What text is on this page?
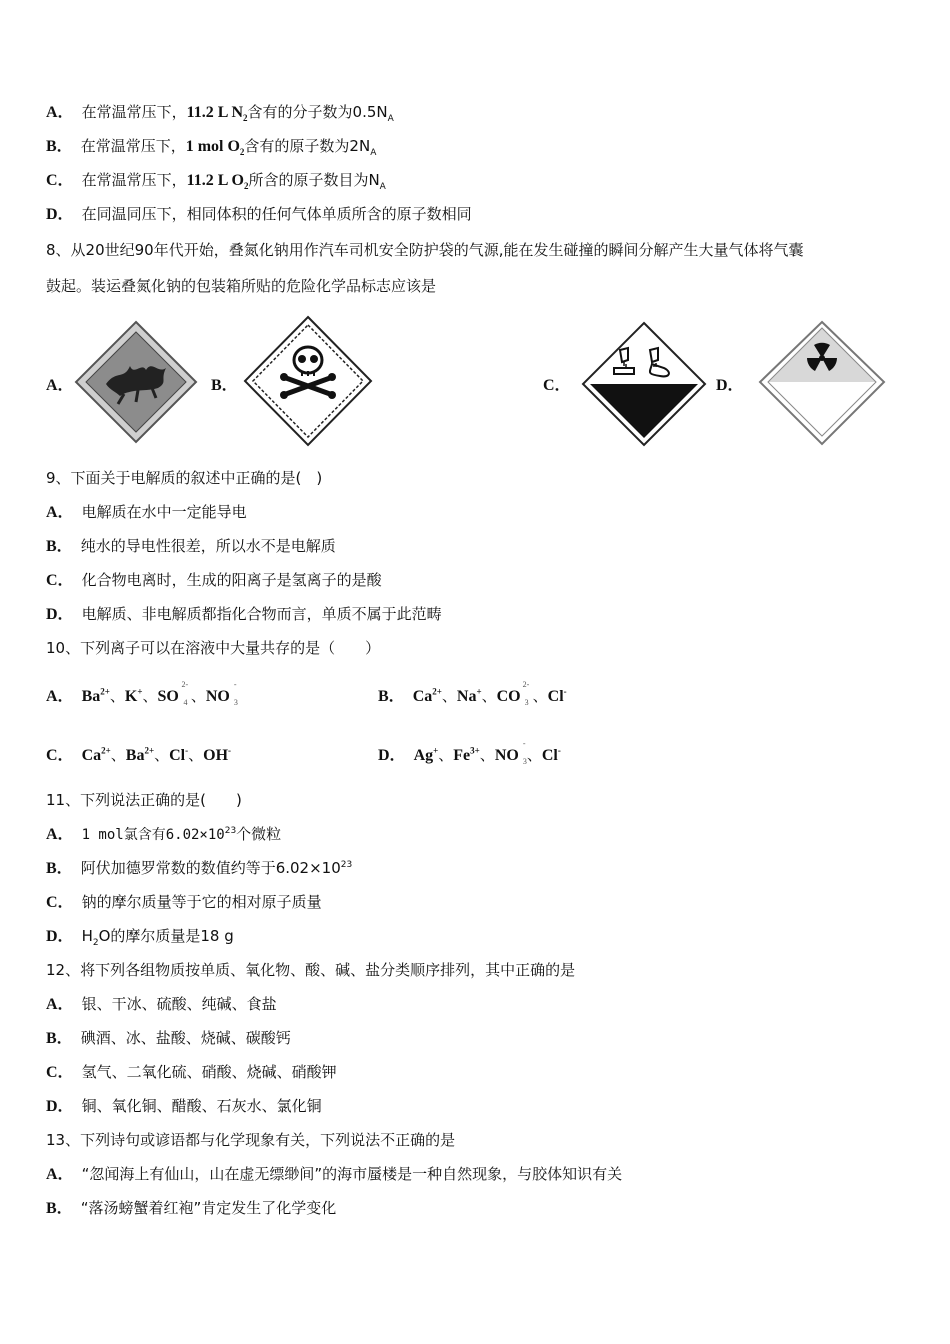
A． 在常温常压下，11.2 L $N_2$含有的分子数为$0.5N_A$
B． 在常温常压下，1 mol $O_2$含有的原子数为$2N_A$
C． 在常温常压下，11.2 L $O_2$所含的原子数目为$N_A$
D． 在同温同压下，相同体积的任何气体单质所含的原子数相同
8、从20世纪90年代开始，叠氮化钠用作汽车司机安全防护袋的气源,能在发生碰撞的瞬间分解产生大量气体将气囊
鼓起。装运叠氮化钠的包装箱所贴的危险化学品标志应该是
A．	B．	C．	D．
9、下面关于电解质的叙述中正确的是(　)
A． 电解质在水中一定能导电
B． 纯水的导电性很差，所以水不是电解质
C． 化合物电离时，生成的阳离子是氢离子的是酸
D． 电解质、非电解质都指化合物而言，单质不属于此范畴
10、下列离子可以在溶液中大量共存的是（　　）
A． $Ba^{2+}$、K+、SO
2-
4 、NO
-
3
	B． $Ca^{2+}$、Na+、CO
2-
3 、Cl-
C． $Ca^{2+}$、$Ba^{2+}$、Cl-、OH-	D． Ag+、$Fe^{3+}$、NO
-
3 、Cl-
11、下列说法正确的是(　　)
A． 1 mol氯含有$6.02\times 10^{23}$个微粒
B． 阿伏加德罗常数的数值约等于$6.02\times 10^{23}$
C． 钠的摩尔质量等于它的相对原子质量
D． $H_2O$的摩尔质量是18 g
12、将下列各组物质按单质、氧化物、酸、碱、盐分类顺序排列，其中正确的是
A． 银、干冰、硫酸、纯碱、食盐
B． 碘酒、冰、盐酸、烧碱、碳酸钙
C． 氢气、二氧化硫、硝酸、烧碱、硝酸钾
D． 铜、氧化铜、醋酸、石灰水、氯化铜
13、下列诗句或谚语都与化学现象有关，下列说法不正确的是
A． “忽闻海上有仙山，山在虚无缥缈间”的海市蜃楼是一种自然现象，与胶体知识有关
B． “落汤螃蟹着红袍”肯定发生了化学变化
